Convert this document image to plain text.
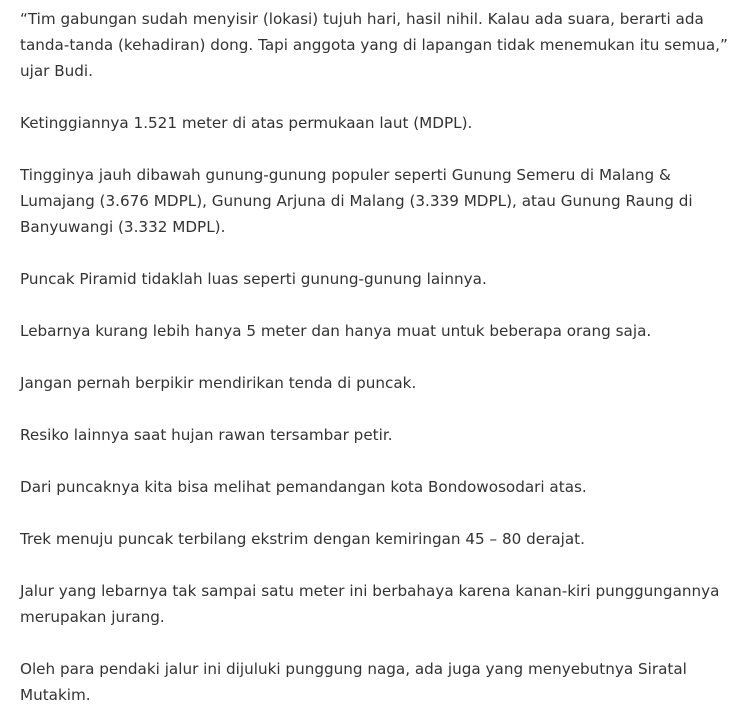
“Tim gabungan sudah menyisir (lokasi) tujuh hari, hasil nihil. Kalau ada suara, berarti ada tanda-tanda (kehadiran) dong. Tapi anggota yang di lapangan tidak menemukan itu semua,” ujar Budi.

Ketinggiannya 1.521 meter di atas permukaan laut (MDPL).

Tingginya jauh dibawah gunung-gunung populer seperti Gunung Semeru di Malang & Lumajang (3.676 MDPL), Gunung Arjuna di Malang (3.339 MDPL), atau Gunung Raung di Banyuwangi (3.332 MDPL).

Puncak Piramid tidaklah luas seperti gunung-gunung lainnya.

Lebarnya kurang lebih hanya 5 meter dan hanya muat untuk beberapa orang saja.

Jangan pernah berpikir mendirikan tenda di puncak.

Resiko lainnya saat hujan rawan tersambar petir.

Dari puncaknya kita bisa melihat pemandangan kota Bondowosodari atas.

Trek menuju puncak terbilang ekstrim dengan kemiringan 45 – 80 derajat.

Jalur yang lebarnya tak sampai satu meter ini berbahaya karena kanan-kiri punggungannya merupakan jurang.

Oleh para pendaki jalur ini dijuluki punggung naga, ada juga yang menyebutnya Siratal Mutakim.
